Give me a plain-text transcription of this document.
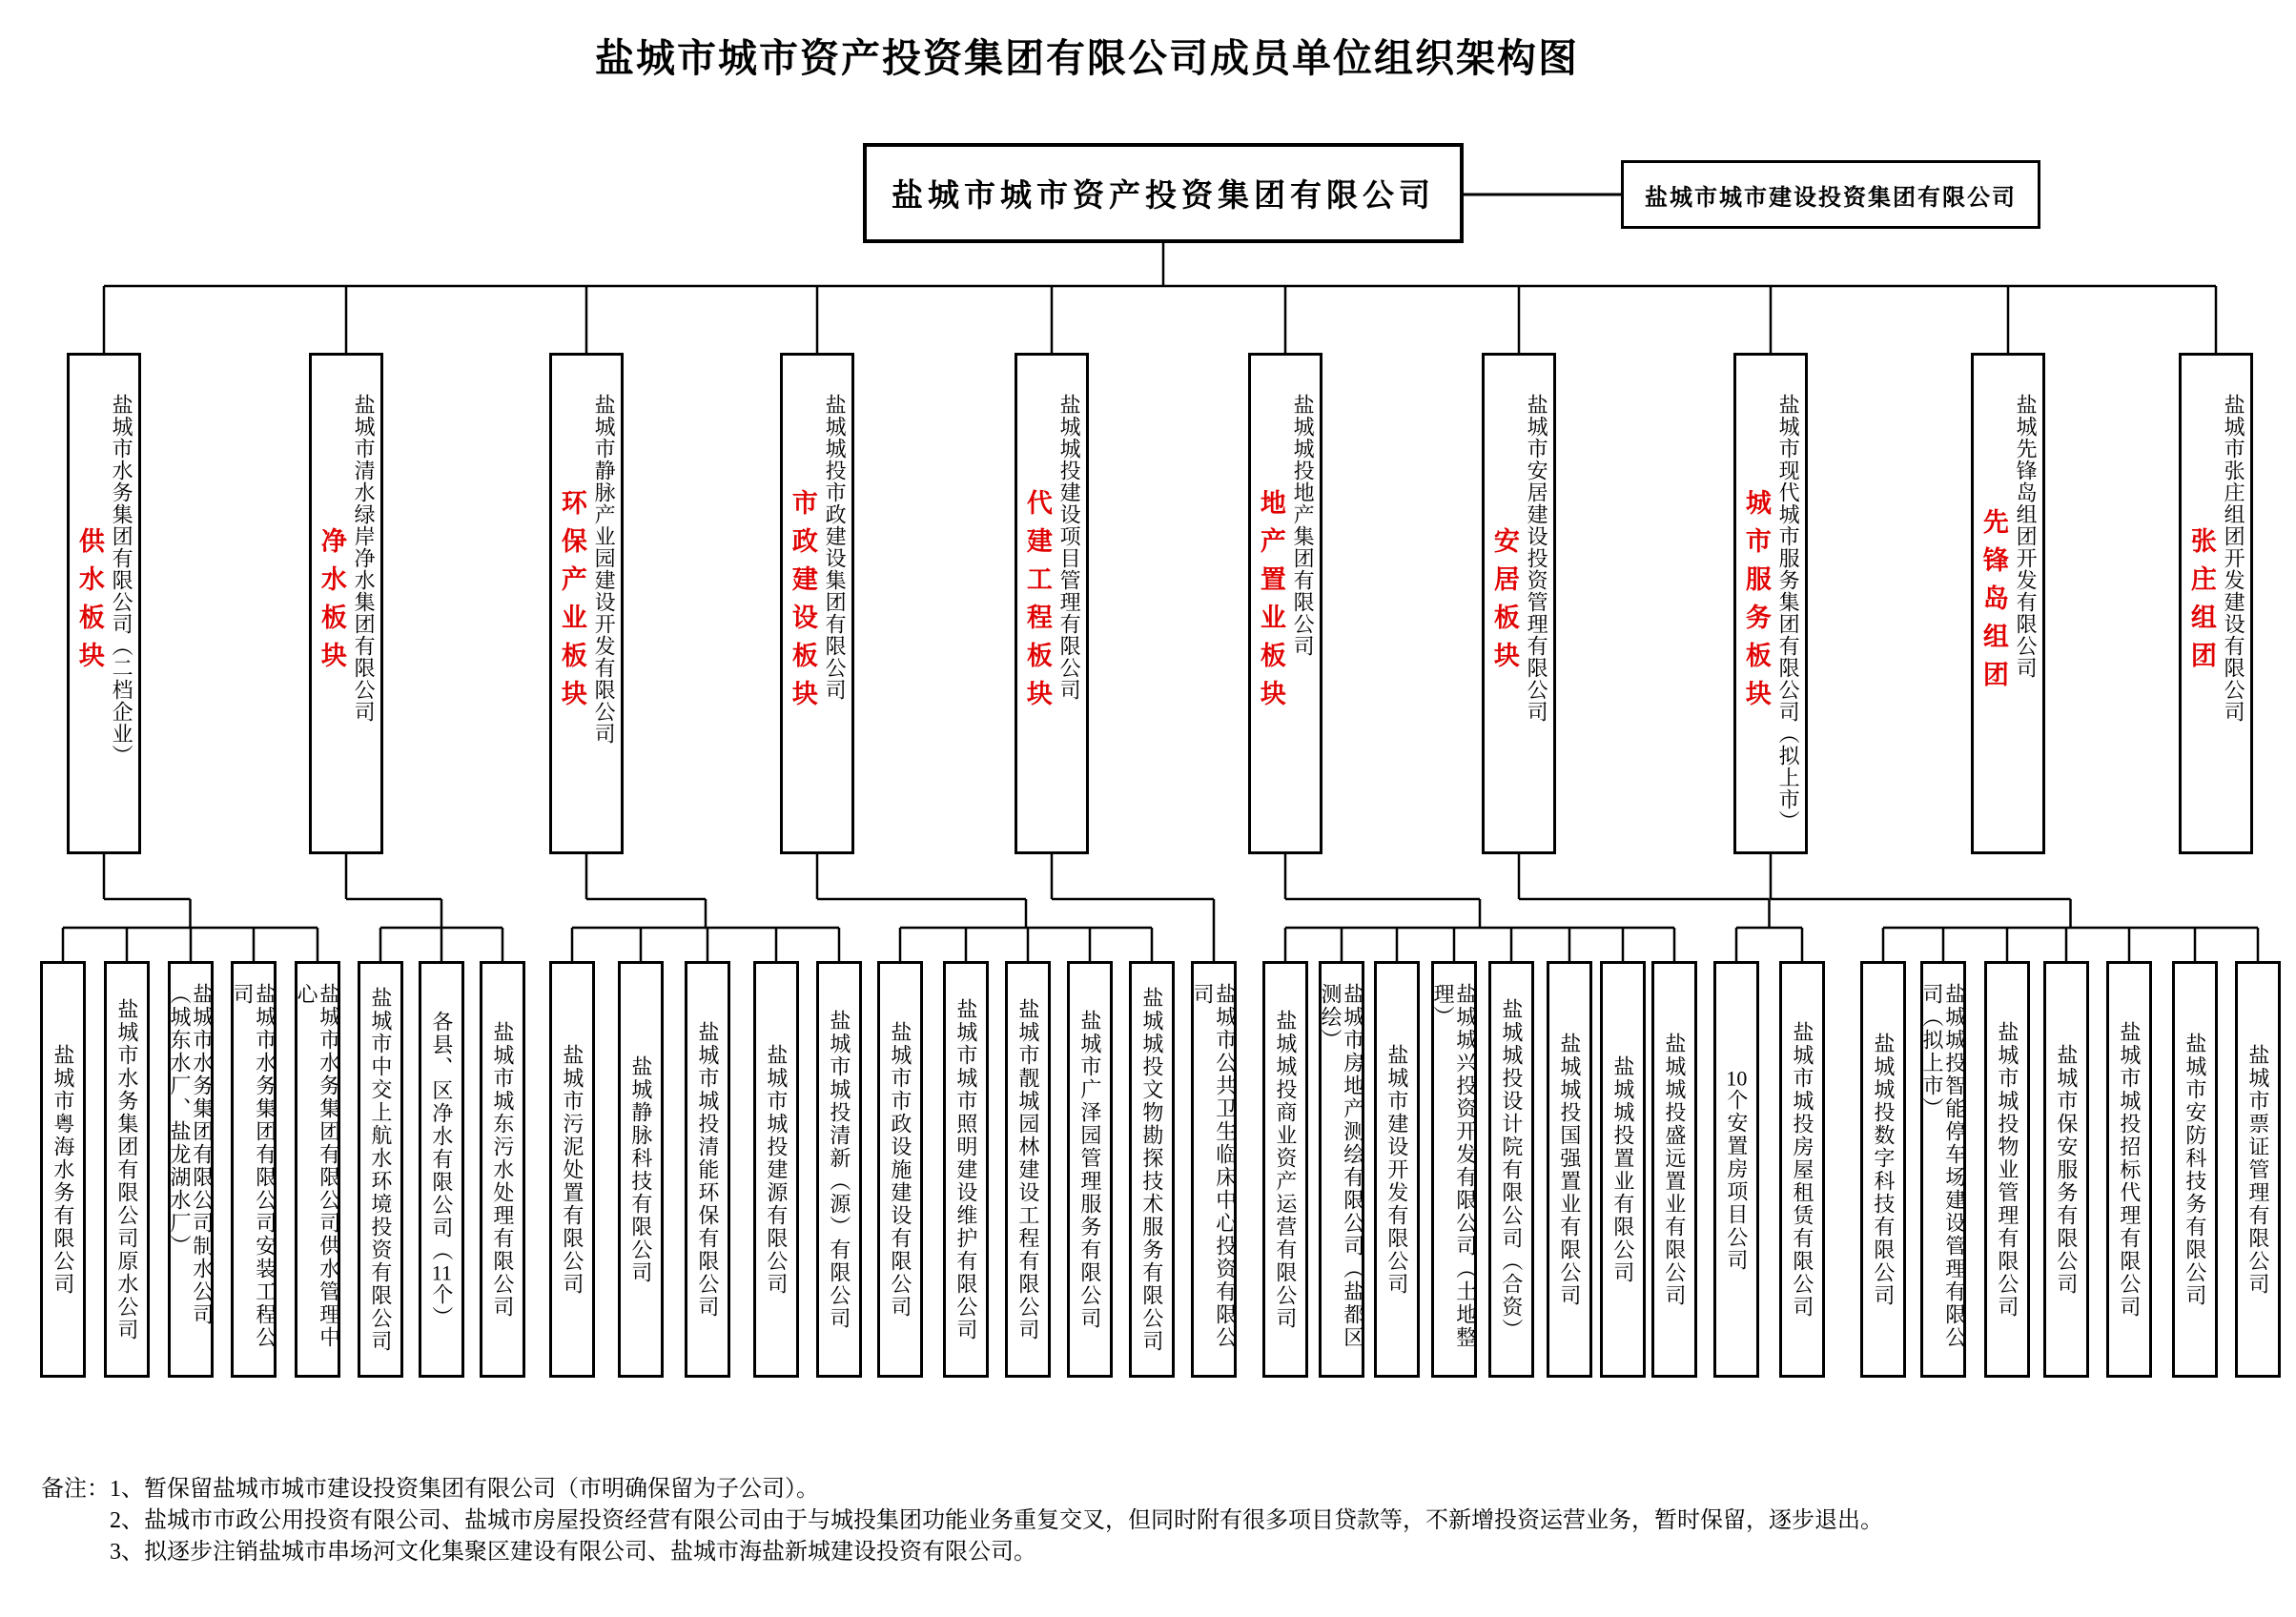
盐城市城市资产投资集团有限公司成员单位组织架构图
盐城市城市资产投资集团有限公司	盐城市城市建设投资集团有限公司
供水板块 盐城市水务集团有限公司（二档企业）	净水板块 盐城市清水绿岸净水集团有限公司	环保产业板块 盐城市静脉产业园建设开发有限公司	市政建设板块 盐城城投市政建设集团有限公司	代建工程板块 盐城城投建设项目管理有限公司	地产置业板块 盐城城投地产集团有限公司	安居板块 盐城市安居建设投资管理有限公司	城市服务板块 盐城市现代城市服务集团有限公司（拟上市）	先锋岛组团 盐城先锋岛组团开发有限公司	张庄组团 盐城市张庄组团开发建设有限公司
盐城市粤海水务有限公司 盐城市水务集团有限公司原水公司	盐城市水务集团有限公司制水公司（城东水厂、盐龙湖水厂）	盐城市水务集团有限公司安装工程公司	盐城市水务集团有限公司供水管理中心	盐城市中交上航水环境投资有限公司 各县、区净水有限公司（11个） 盐城市城东污水处理有限公司 盐城市污泥处置有限公司 盐城静脉科技有限公司 盐城市城投清能环保有限公司 盐城市城投建源有限公司 盐城市城投清新（源）有限公司 盐城市市政设施建设有限公司 盐城市城市照明建设维护有限公司 盐城市靓城园林建设工程有限公司 盐城市广泽园管理服务有限公司 盐城城投文物勘探技术服务有限公司	盐城市公共卫生临床中心投资有限公司
盐城城投商业资产运营有限公司	盐城市房地产测绘有限公司（盐都区测绘）
盐城市建设开发有限公司	盐城城兴投资开发有限公司（土地整理）	盐城城投设计院有限公司（合资） 盐城城投国强置业有限公司 盐城城投置业有限公司 盐城城投盛远置业有限公司 10个安置房项目公司 盐城市城投房屋租赁有限公司	盐城城投数字科技有限公司	盐城城投智能停车场建设管理有限公司（拟上市）	盐城市城投物业管理有限公司 盐城市保安服务有限公司 盐城市城投招标代理有限公司 盐城市安防科技务有限公司 盐城市票证管理有限公司
备注： 1、暂保留盐城市城市建设投资集团有限公司（市明确保留为子公司）。
2、盐城市市政公用投资有限公司、盐城市房屋投资经营有限公司由于与城投集团功能业务重复交叉，但同时附有很多项目贷款等，不新增投资运营业务，暂时保留，逐步退出。
3、拟逐步注销盐城市串场河文化集聚区建设有限公司、盐城市海盐新城建设投资有限公司。
